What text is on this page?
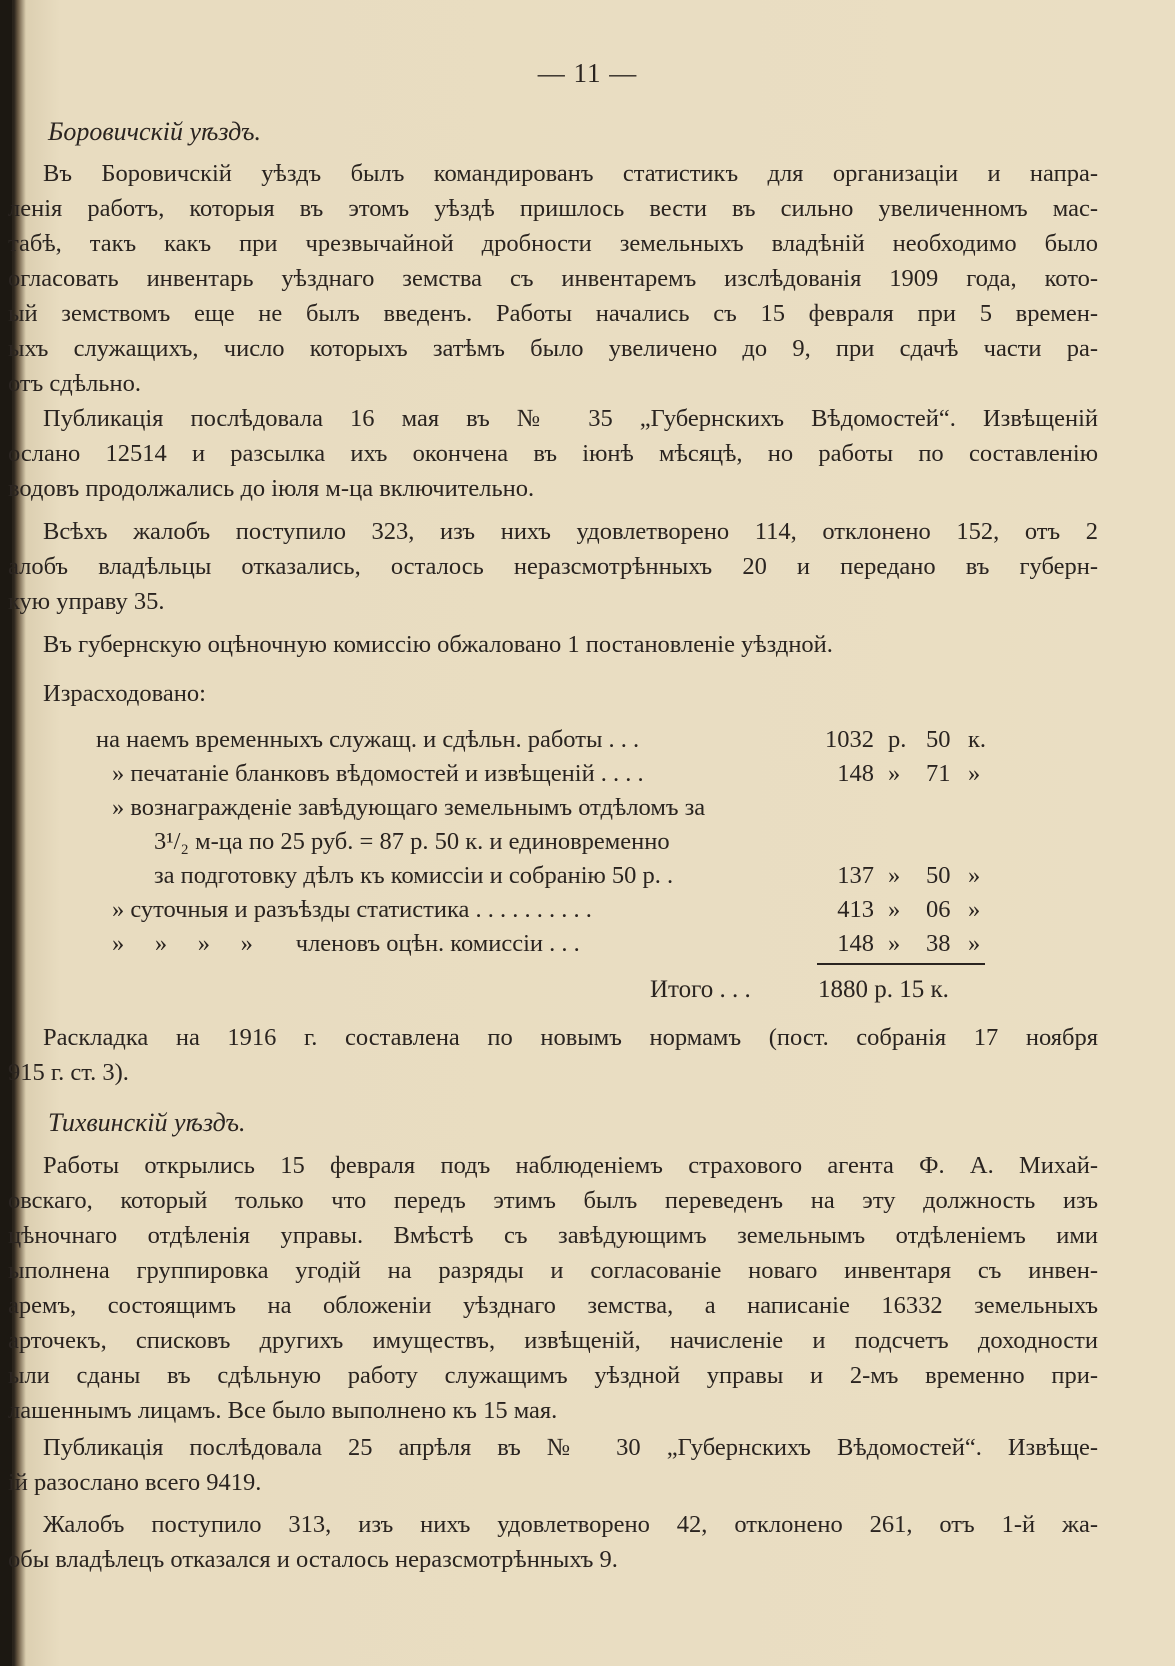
— 11 —
Боровичскій уѣздъ.
Въ Боровичскій уѣздъ былъ командированъ статистикъ для организаціи и напра-
ленія работъ, которыя въ этомъ уѣздѣ пришлось вести въ сильно увеличенномъ мас-
табѣ, такъ какъ при чрезвычайной дробности земельныхъ владѣній необходимо было
огласовать инвентарь уѣзднаго земства съ инвентаремъ изслѣдованія 1909 года, кото-
ый земствомъ еще не былъ введенъ. Работы начались съ 15 февраля при 5 времен-
ыхъ служащихъ, число которыхъ затѣмъ было увеличено до 9, при сдачѣ части ра-
отъ сдѣльно.
Публикація послѣдовала 16 мая въ № 35 „Губернскихъ Вѣдомостей“. Извѣщеній
ослано 12514 и разсылка ихъ окончена въ іюнѣ мѣсяцѣ, но работы по составленію
водовъ продолжались до іюля м-ца включительно.
Всѣхъ жалобъ поступило 323, изъ нихъ удовлетворено 114, отклонено 152, отъ 2
алобъ владѣльцы отказались, осталось неразсмотрѣнныхъ 20 и передано въ губерн-
кую управу 35.
Въ губернскую оцѣночную комиссію обжаловано 1 постановленіе уѣздной.
Израсходовано:
на наемъ временныхъ служащ. и сдѣльн. работы . . .	1032 р. 50 к.
» печатаніе бланковъ вѣдомостей и извѣщеній . . . .	148 »	71 »
» вознагражденіе завѣдующаго земельнымъ отдѣломъ за
3¹/₂ м-ца по 25 руб. = 87 р. 50 к. и единовременно
за подготовку дѣлъ къ комиссіи и собранію 50 р. .	137 »	50 »
» суточныя и разъѣзды статистика . . . . . . . . . .	413 »	06 »
»     »     »     »       членовъ оцѣн. комиссіи . . .	148 »	38 »
Итого . . .	1880 р. 15 к.
Раскладка на 1916 г. составлена по новымъ нормамъ (пост. собранія 17 ноября
915 г. ст. 3).
Тихвинскій уѣздъ.
Работы открылись 15 февраля подъ наблюденіемъ страхового агента Ф. А. Михай-
овскаго, который только что передъ этимъ былъ переведенъ на эту должность изъ
цѣночнаго отдѣленія управы. Вмѣстѣ съ завѣдующимъ земельнымъ отдѣленіемъ ими
ыполнена группировка угодій на разряды и согласованіе новаго инвентаря съ инвен-
аремъ, состоящимъ на обложеніи уѣзднаго земства, а написаніе 16332 земельныхъ
арточекъ, списковъ другихъ имуществъ, извѣщеній, начисленіе и подсчетъ доходности
ыли сданы въ сдѣльную работу служащимъ уѣздной управы и 2-мъ временно при-
лашеннымъ лицамъ. Все было выполнено къ 15 мая.
Публикація послѣдовала 25 апрѣля въ № 30 „Губернскихъ Вѣдомостей“. Извѣще-
ій разослано всего 9419.
Жалобъ поступило 313, изъ нихъ удовлетворено 42, отклонено 261, отъ 1-й жа-
обы владѣлецъ отказался и осталось неразсмотрѣнныхъ 9.
